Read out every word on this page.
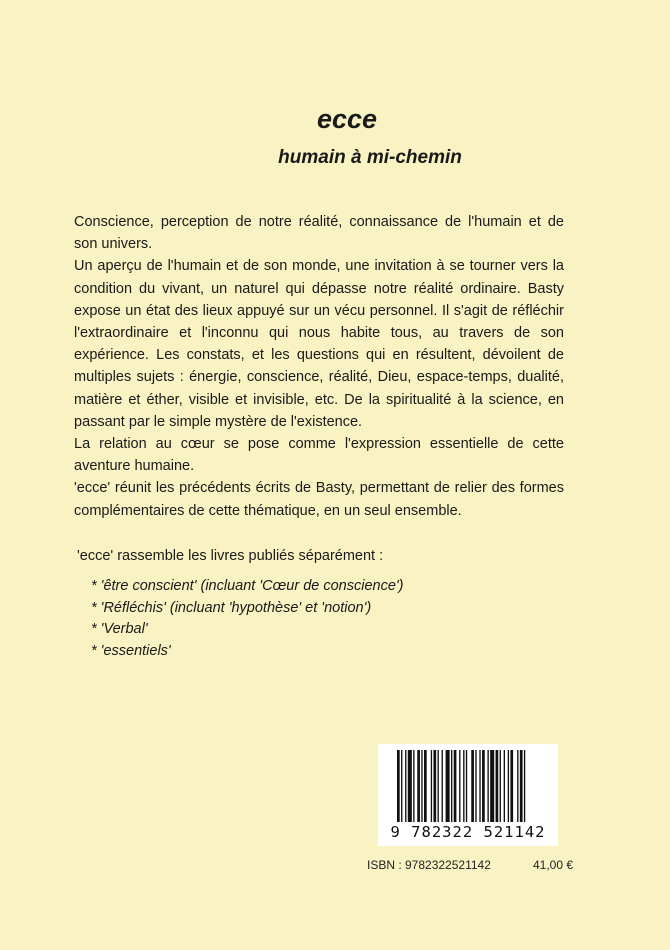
ecce
humain à mi-chemin

Conscience, perception de notre réalité, connaissance de l'humain et de son univers.

Un aperçu de l'humain et de son monde, une invitation à se tourner vers la condition du vivant, un naturel qui dépasse notre réalité ordinaire. Basty expose un état des lieux appuyé sur un vécu personnel. Il s'agit de réfléchir l'extraordinaire et l'inconnu qui nous habite tous, au travers de son expérience. Les constats, et les questions qui en résultent, dévoilent de multiples sujets : énergie, conscience, réalité, Dieu, espace-temps, dualité, matière et éther, visible et invisible, etc. De la spiritualité à la science, en passant par le simple mystère de l'existence.

La relation au cœur se pose comme l'expression essentielle de cette aventure humaine.

'ecce' réunit les précédents écrits de Basty, permettant de relier des formes complémentaires de cette thématique, en un seul ensemble.

'ecce' rassemble les livres publiés séparément :
* 'être conscient' (incluant 'Cœur de conscience')
* 'Réfléchis' (incluant 'hypothèse' et 'notion')
* 'Verbal'
* 'essentiels'
9 782322 521142
ISBN : 9782322521142	41,00 €
